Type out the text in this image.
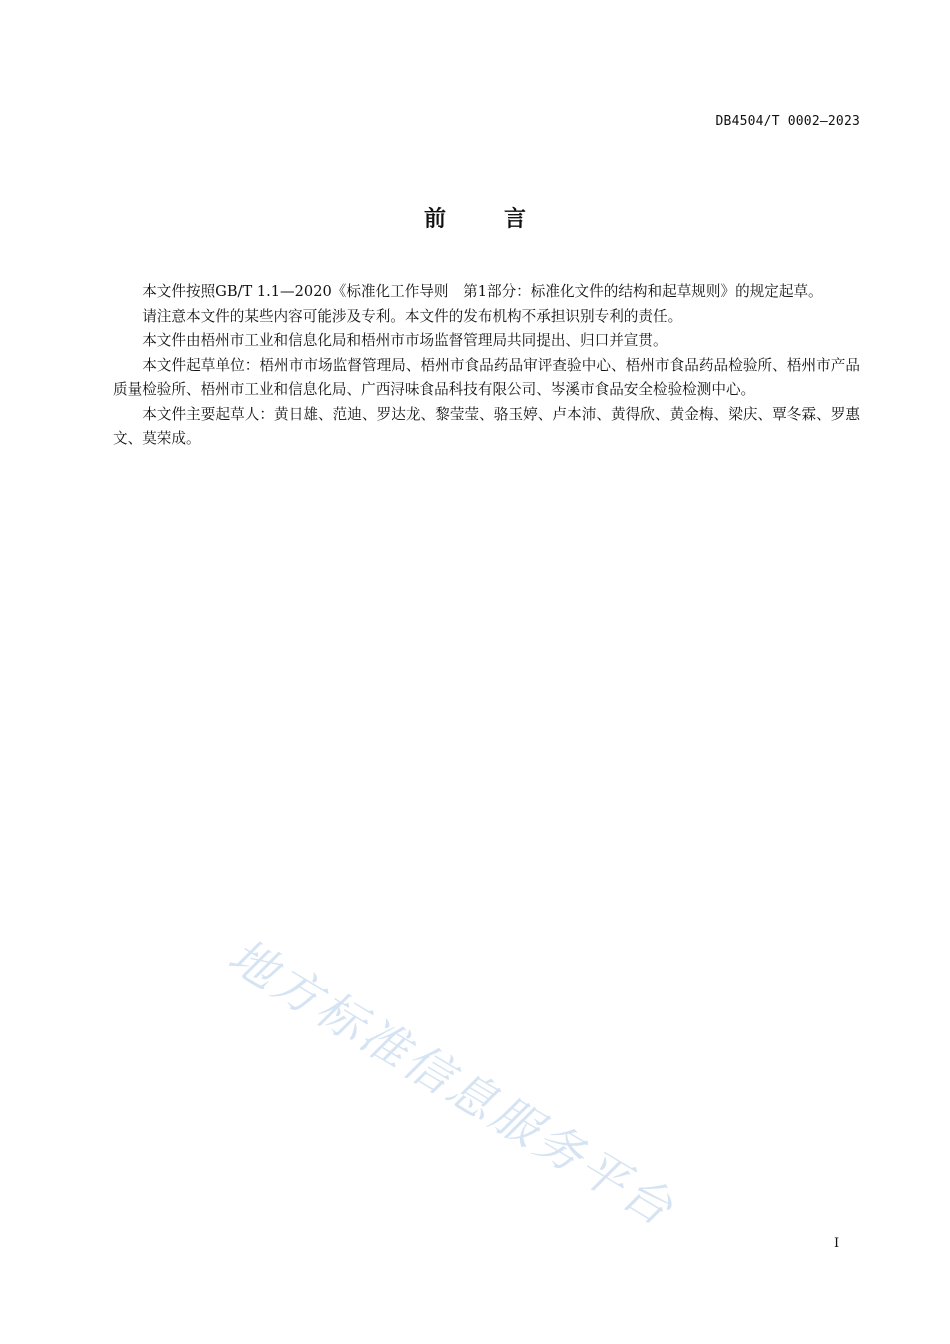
DB4504/T 0002—2023
前	言

本文件按照GB/T 1.1—2020《标准化工作导则　第1部分：标准化文件的结构和起草规则》的规定起草。

请注意本文件的某些内容可能涉及专利。本文件的发布机构不承担识别专利的责任。

本文件由梧州市工业和信息化局和梧州市市场监督管理局共同提出、归口并宣贯。

本文件起草单位：梧州市市场监督管理局、梧州市食品药品审评查验中心、梧州市食品药品检验所、梧州市产品质量检验所、梧州市工业和信息化局、广西浔味食品科技有限公司、岑溪市食品安全检验检测中心。

本文件主要起草人：黄日雄、范迪、罗达龙、黎莹莹、骆玉婷、卢本沛、黄得欣、黄金梅、梁庆、覃冬霖、罗惠文、莫荣成。

地方标准信息服务平台
I
